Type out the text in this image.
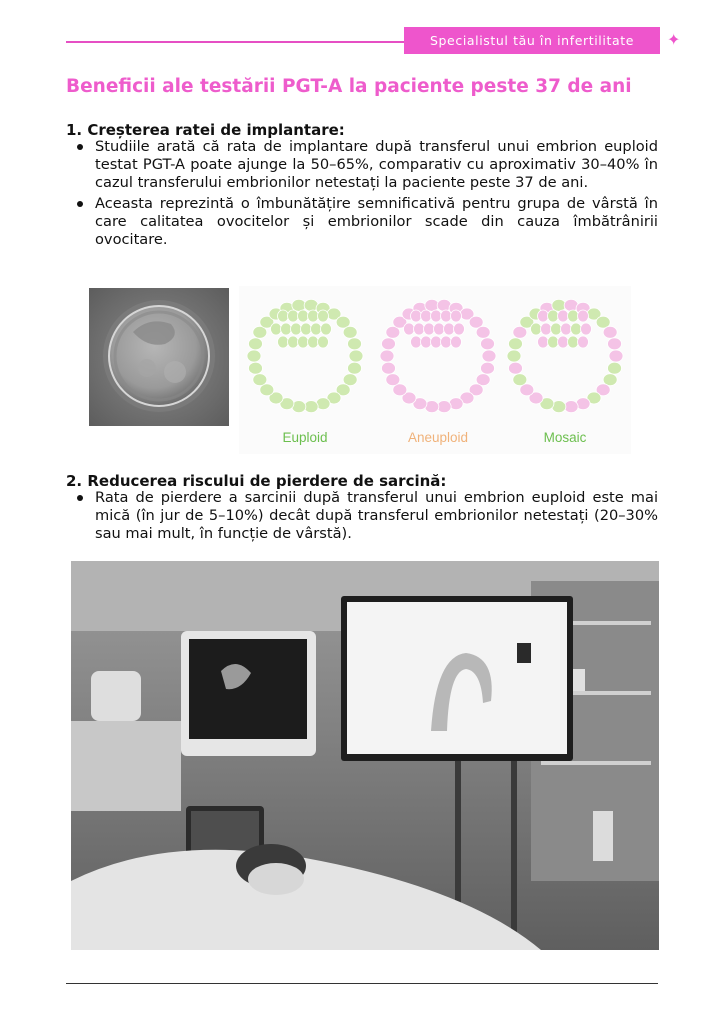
Specialistul tău în infertilitate	✦
Beneficii ale testării PGT-A la paciente peste 37 de ani
1. Creșterea ratei de implantare:
Studiile arată că rata de implantare după transferul unui embrion euploid testat PGT-A poate ajunge la 50–65%, comparativ cu aproximativ 30–40% în cazul transferului embrionilor netestați la paciente peste 37 de ani.
Aceasta reprezintă o îmbunătățire semnificativă pentru grupa de vârstă în care calitatea ovocitelor și embrionilor scade din cauza îmbătrânirii ovocitare.
Euploid	Aneuploid	Mosaic
2. Reducerea riscului de pierdere de sarcină:
Rata de pierdere a sarcinii după transferul unui embrion euploid este mai mică (în jur de 5–10%) decât după transferul embrionilor netestați (20–30% sau mai mult, în funcție de vârstă).
